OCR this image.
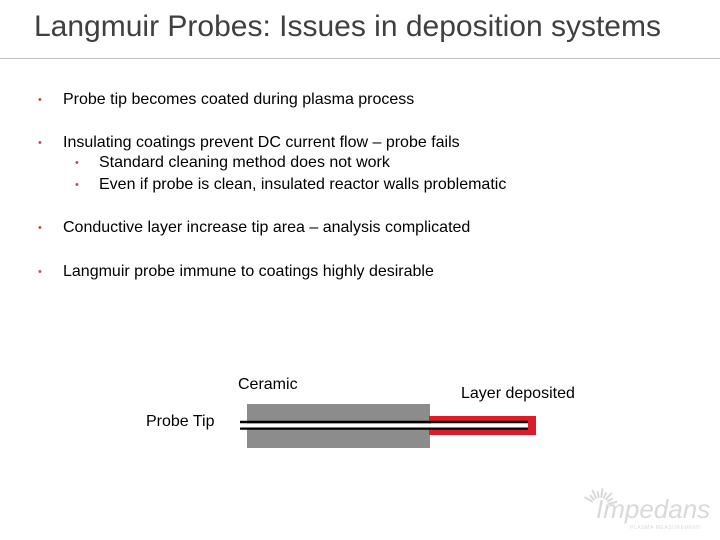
Langmuir Probes: Issues in deposition systems
• Probe tip becomes coated during plasma process
• Insulating coatings prevent DC current flow – probe fails
• Standard cleaning method does not work
• Even if probe is clean, insulated reactor walls problematic
• Conductive layer increase tip area – analysis complicated
• Langmuir probe immune to coatings highly desirable
Ceramic
Layer deposited
Probe Tip
Impedans
PLASMA MEASUREMENT
